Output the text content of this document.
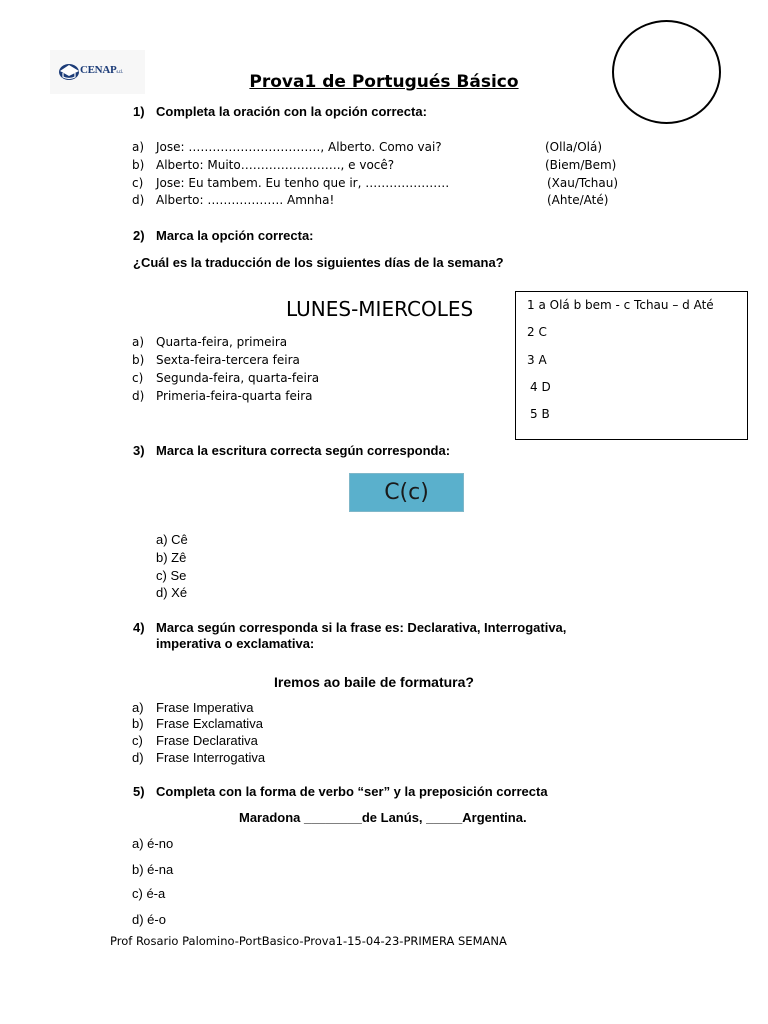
CENAPs.r.l.	Prova1 de Portugués Básico
1) Completa la oración con la opción correcta:
a) Jose: ……………………………, Alberto. Como vai?	(Olla/Olá)
b) Alberto: Muito……………………., e você?	(Biem/Bem)
c) Jose: Eu tambem. Eu tenho que ir, …………………	(Xau/Tchau)
d) Alberto: ………………. Amnha!	(Ahte/Até)
2) Marca la opción correcta:
¿Cuál es la traducción de los siguientes días de la semana?
LUNES-MIERCOLES
a) Quarta-feira, primeira
b) Sexta-feira-tercera feira
c) Segunda-feira, quarta-feira
d) Primeria-feira-quarta feira
1 a Olá b bem - c Tchau – d Até
2 C
3 A
4 D
5 B
3) Marca la escritura correcta según corresponda:
C(c)
a) Cê
b) Zê
c) Se
d) Xé
4) Marca según corresponda si la frase es: Declarativa, Interrogativa,
imperativa o exclamativa:
Iremos ao baile de formatura?
a) Frase Imperativa
b) Frase Exclamativa
c) Frase Declarativa
d) Frase Interrogativa
5) Completa con la forma de verbo “ser” y la preposición correcta
Maradona ________de Lanús, _____Argentina.
a) é-no
b) é-na
c) é-a
d) é-o
Prof Rosario Palomino-PortBasico-Prova1-15-04-23-PRIMERA SEMANA
